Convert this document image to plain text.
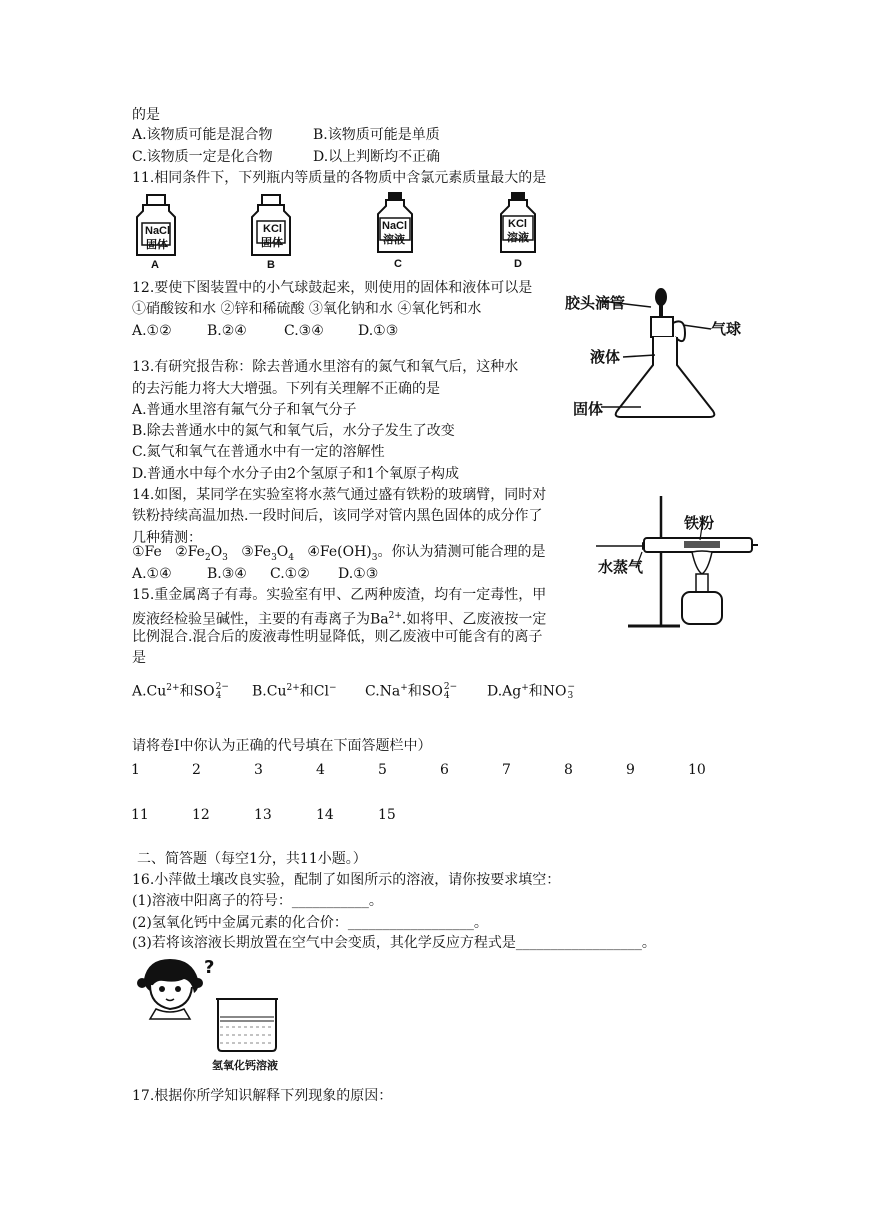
的是
A.该物质可能是混合物	B.该物质可能是单质
C.该物质一定是化合物	D.以上判断均不正确
11.相同条件下，下列瓶内等质量的各物质中含氯元素质量最大的是
NaCl
固体
A
KCl
固体
B
NaCl
溶液
C
KCl
溶液
D
12.要使下图装置中的小气球鼓起来，则使用的固体和液体可以是
①硝酸铵和水 ②锌和稀硫酸 ③氧化钠和水 ④氧化钙和水
A.①②	B.②④	C.③④ D.①③
胶头滴管
气球
液体
固体
13.有研究报告称：除去普通水里溶有的氮气和氧气后，这种水
的去污能力将大大增强。下列有关理解不正确的是
A.普通水里溶有氟气分子和氧气分子
B.除去普通水中的氮气和氧气后，水分子发生了改变
C.氮气和氧气在普通水中有一定的溶解性
D.普通水中每个水分子由2个氢原子和1个氧原子构成
14.如图，某同学在实验室将水蒸气通过盛有铁粉的玻璃臂，同时对
铁粉持续高温加热.一段时间后，该同学对管内黑色固体的成分作了
几种猜测：
①Fe $②Fe_2O_3$ $③Fe_3O_4$ $④Fe(OH)_3$。你认为猜测可能合理的是
A.①④	B.③④ C.①② D.①③
铁粉
水蒸气
15.重金属离子有毒。实验室有甲、乙两种废渣，均有一定毒性，甲
废液经检验呈碱性，主要的有毒离子为$Ba^{2+}$.如将甲、乙废液按一定
比例混合.混合后的废液毒性明显降低，则乙废液中可能含有的离子
是
$A.Cu^{2+}$和SO2−
4	$B.Cu^{2+}$和Cl− C.Na+和SO2−
4	D.Ag+和NO−
3
请将卷Ⅰ中你认为正确的代号填在下面答题栏中）
1	2	3	4	5	6	7	8	9	10
11	12	13	14	15
二、简答题（每空1分，共11小题。）
16.小萍做土壤改良实验，配制了如图所示的溶液，请你按要求填空：
(1)溶液中阳离子的符号：___________。
(2)氢氧化钙中金属元素的化合价：__________________。
(3)若将该溶液长期放置在空气中会变质，其化学反应方程式是__________________。
?
氢氧化钙溶液
17.根据你所学知识解释下列现象的原因：
